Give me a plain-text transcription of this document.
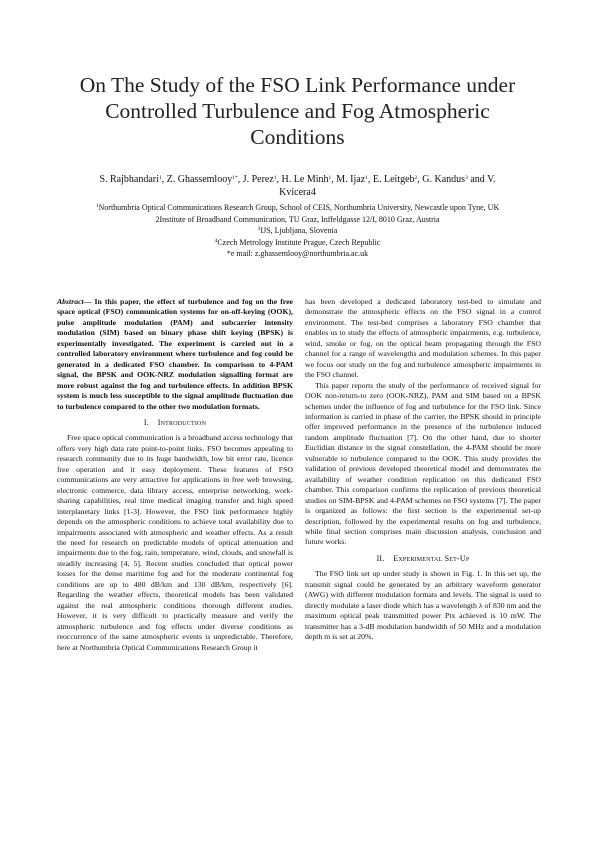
On The Study of the FSO Link Performance under Controlled Turbulence and Fog Atmospheric Conditions
S. Rajbhandari$^1$, Z. Ghassemlooy$^{1*}$, J. Perez$^1$, H. Le Minh$^1$, M. Ijaz$^1$, E. Leitgeb$^2$, G. Kandus$^3$ and V.
Kvicera4
$^1$Northumbria Optical Communications Research Group, School of CEIS, Northumbria University, Newcastle upon Tyne, UK
2Institute of Broadband Communication, TU Graz, Inffeldgasse 12/I, 8010 Graz, Austria
$^3$IJS, Ljubljana, Slovenia
$^4$Czech Metrology Institute Prague, Czech Republic
*e mail: z.ghassemlooy@northumbria.ac.uk

Abstract— In this paper, the effect of turbulence and fog on the free space optical (FSO) communication systems for on-off-keying (OOK), pulse amplitude modulation (PAM) and subcarrier intensity modulation (SIM) based on binary phase shift keying (BPSK) is experimentally investigated. The experiment is carried out in a controlled laboratory environment where turbulence and fog could be generated in a dedicated FSO chamber. In comparison to 4-PAM signal, the BPSK and OOK-NRZ modulation signalling format are more robust against the fog and turbulence effects. In addition BPSK system is much less susceptible to the signal amplitude fluctuation due to turbulence compared to the other two modulation formats.

I. Introduction

Free space optical communication is a broadband access technology that offers very high data rate point-to-point links. FSO becomes appealing to research community due to its huge bandwidth, low bit error rate, licence free operation and it easy deployment. These features of FSO communications are very attractive for applications in free web browsing, electronic commerce, data library access, enterprise networking, work-sharing capabilities, real time medical imaging transfer and high speed interplanetary links [1-3]. However, the FSO link performance highly depends on the atmospheric conditions to achieve total availability due to impairments associated with atmospheric and weather effects. As a result the need for research on predictable models of optical attenuation and impairments due to the fog, rain, temperature, wind, clouds, and snowfall is steadily increasing [4, 5]. Recent studies concluded that optical power losses for the dense maritime fog and for the moderate continental fog conditions are up to 480 dB/km and 130 dB/km, respectively [6]. Regarding the weather effects, theoretical models has been validated against the real atmospheric conditions thorough different studies. However, it is very difficult to practically measure and verify the atmospheric turbulence and fog effects under diverse conditions as reoccurrence of the same atmospheric events is unpredictable. Therefore, here at Northumbria Optical Communications Research Group it

has been developed a dedicated laboratory test-bed to simulate and demonstrate the atmospheric effects on the FSO signal in a control environment. The test-bed comprises a laboratory FSO chamber that enables us to study the effects of atmospheric impairments, e.g. turbulence, wind, smoke or fog, on the optical beam propagating through the FSO channel for a range of wavelengths and modulation schemes. In this paper we focus our study on the fog and turbulence atmospheric impairments in the FSO channel.

This paper reports the study of the performance of received signal for OOK non-return-to zero (OOK-NRZ), PAM and SIM based on a BPSK schemes under the influence of fog and turbulence for the FSO link. Since information is carried in phase of the carrier, the BPSK should in principle offer improved performance in the presence of the turbulence induced random amplitude fluctuation [7]. On the other hand, due to shorter Euclidian distance in the signal constellation, the 4-PAM should be more vulnerable to turbulence compared to the OOK. This study provides the validation of previous developed theoretical model and demonstrates the availability of weather condition replication on this dedicated FSO chamber. This comparison confirms the replication of previous theoretical studies on SIM-BPSK and 4-PAM schemes on FSO systems [7]. The paper is organized as follows: the first section is the experimental set-up description, followed by the experimental results on fog and turbulence, while final section comprises main discussion analysis, conclusion and future works.

II. Experimental Set-Up

The FSO link set up under study is shown in Fig. 1. In this set up, the transmit signal could be generated by an arbitrary waveform generator (AWG) with different modulation formats and levels. The signal is used to directly modulate a laser diode which has a wavelength λ of 830 nm and the maximum optical peak transmitted power Ptx achieved is 10 mW. The transmitter has a 3-dB modulation bandwidth of 50 MHz and a modulation depth m is set at 20%.
